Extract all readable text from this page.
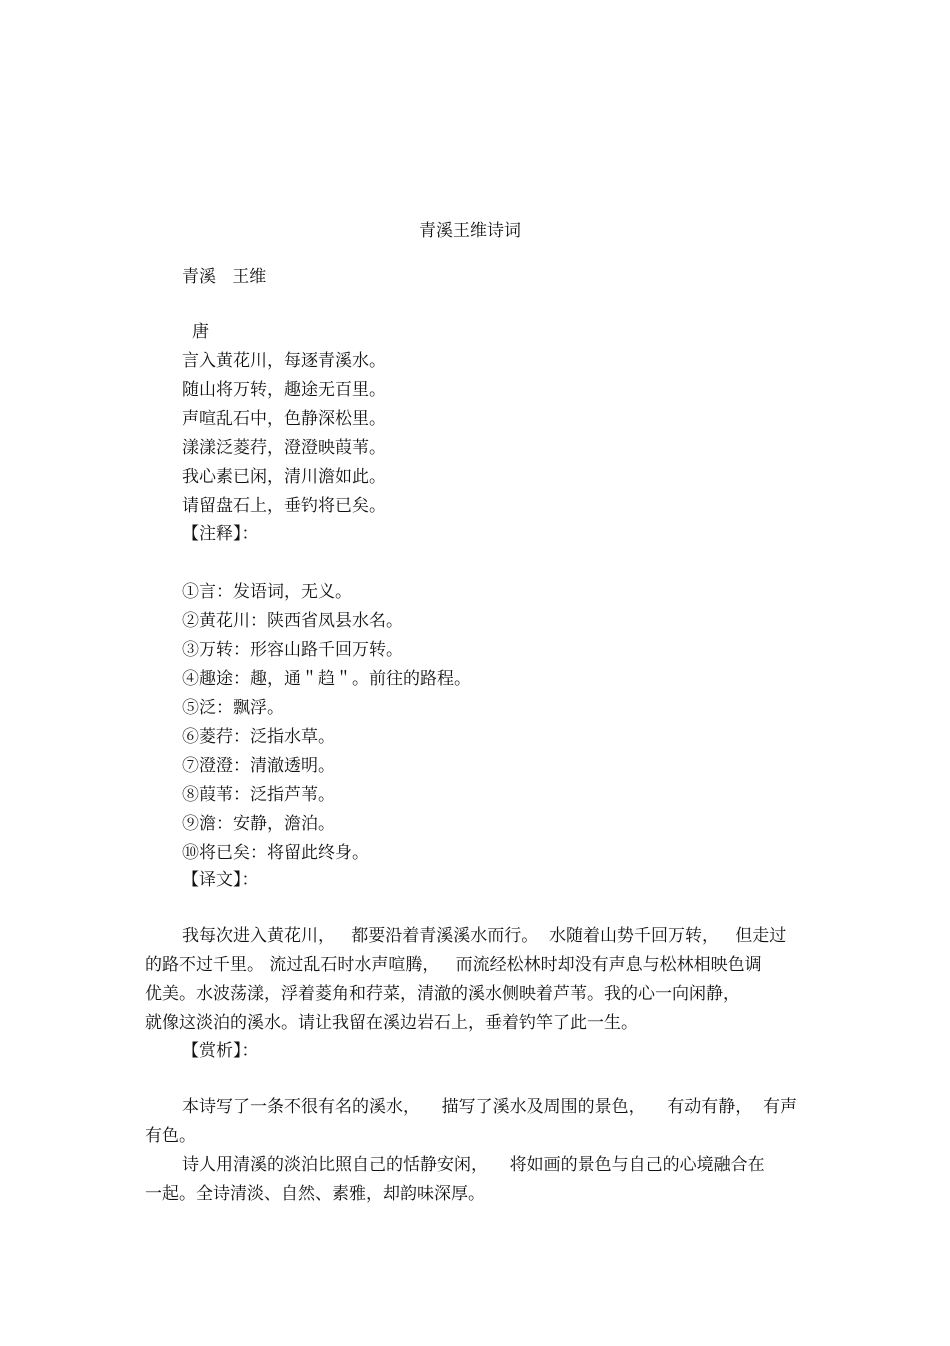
青溪王维诗词
青溪   王维
唐
言入黄花川，每逐青溪水。
随山将万转，趣途无百里。
声喧乱石中，色静深松里。
漾漾泛菱荇，澄澄映葭苇。
我心素已闲，清川澹如此。
请留盘石上，垂钓将已矣。
【注释】：
①言：发语词，无义。
②黄花川：陕西省凤县水名。
③万转：形容山路千回万转。
④趣途：趣，通＂趋＂。前往的路程。
⑤泛：飘浮。
⑥菱荇：泛指水草。
⑦澄澄：清澈透明。
⑧葭苇：泛指芦苇。
⑨澹：安静，澹泊。
⑩将已矣：将留此终身。
【译文】：
我每次进入黄花川，   都要沿着青溪溪水而行。  水随着山势千回万转，   但走过
的路不过千里。 流过乱石时水声喧腾，   而流经松林时却没有声息与松林相映色调
优美。水波荡漾，浮着菱角和荇菜，清澈的溪水侧映着芦苇。我的心一向闲静，
就像这淡泊的溪水。请让我留在溪边岩石上，垂着钓竿了此一生。
【赏析】：
本诗写了一条不很有名的溪水，    描写了溪水及周围的景色，    有动有静，  有声
有色。
诗人用清溪的淡泊比照自己的恬静安闲，    将如画的景色与自己的心境融合在
一起。全诗清淡、自然、素雅，却韵味深厚。
